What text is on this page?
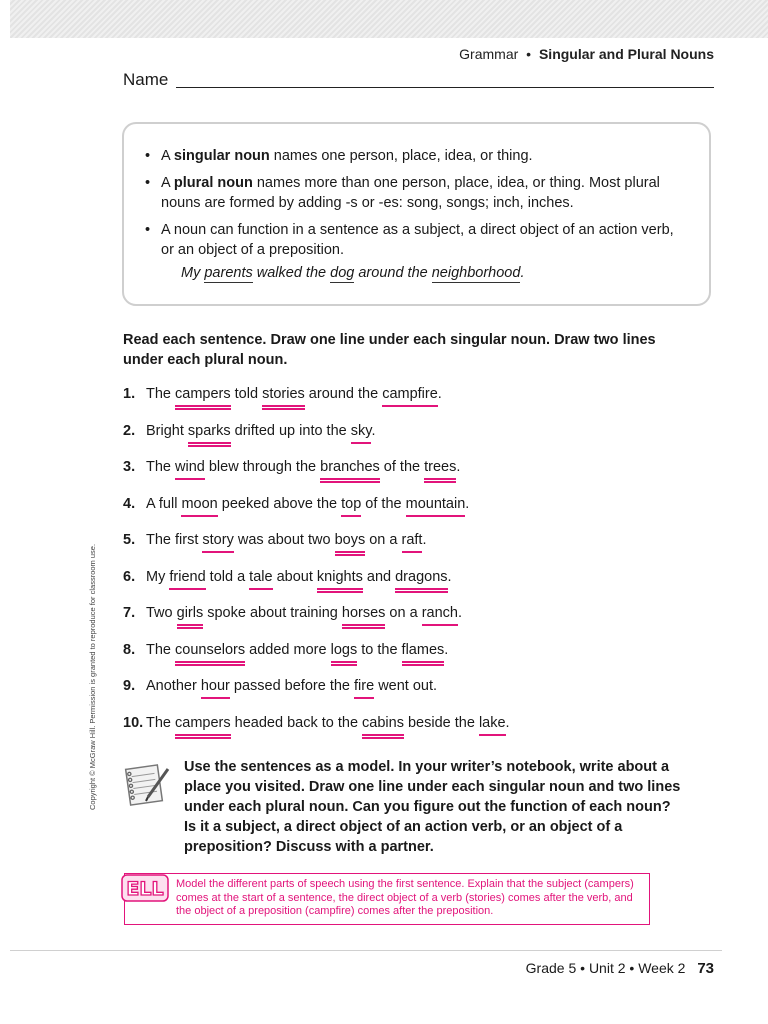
Grammar • Singular and Plural Nouns
Name
• A singular noun names one person, place, idea, or thing.
• A plural noun names more than one person, place, idea, or thing. Most plural nouns are formed by adding -s or -es: song, songs; inch, inches.
• A noun can function in a sentence as a subject, a direct object of an action verb, or an object of a preposition.
My parents walked the dog around the neighborhood.
Read each sentence. Draw one line under each singular noun. Draw two lines under each plural noun.
1. The campers told stories around the campfire.
2. Bright sparks drifted up into the sky.
3. The wind blew through the branches of the trees.
4. A full moon peeked above the top of the mountain.
5. The first story was about two boys on a raft.
6. My friend told a tale about knights and dragons.
7. Two girls spoke about training horses on a ranch.
8. The counselors added more logs to the flames.
9. Another hour passed before the fire went out.
10. The campers headed back to the cabins beside the lake.
Use the sentences as a model. In your writer’s notebook, write about a place you visited. Draw one line under each singular noun and two lines under each plural noun. Can you figure out the function of each noun? Is it a subject, a direct object of an action verb, or an object of a preposition? Discuss with a partner.
ELL Model the different parts of speech using the first sentence. Explain that the subject (campers) comes at the start of a sentence, the direct object of a verb (stories) comes after the verb, and the object of a preposition (campfire) comes after the preposition.
Copyright © McGraw Hill. Permission is granted to reproduce for classroom use.
Grade 5 • Unit 2 • Week 2 73
